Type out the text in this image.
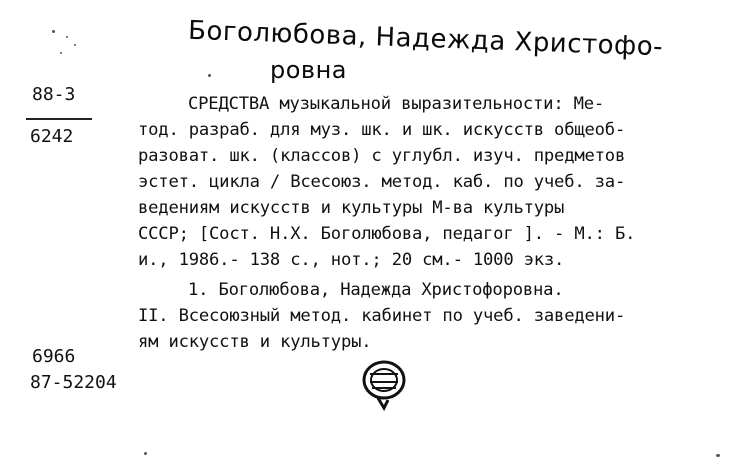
Боголюбова, Надежда Христофо-
ровна
88-3
6242
СРЕДСТВА музыкальной выразительности: Ме-
тод. разраб. для муз. шк. и шк. искусств общеоб-
разоват. шк. (классов) с углубл. изуч. предметов
эстет. цикла / Всесоюз. метод. каб. по учеб. за-
ведениям искусств и культуры М-ва культуры
СССР; [Сост. Н.Х. Боголюбова, педагог ]. - М.: Б.
и., 1986.- 138 с., нот.; 20 см.- 1000 экз.
1. Боголюбова, Надежда Христофоровна.
II. Всесоюзный метод. кабинет по учеб. заведени-
ям искусств и культуры.
6966
87-52204
